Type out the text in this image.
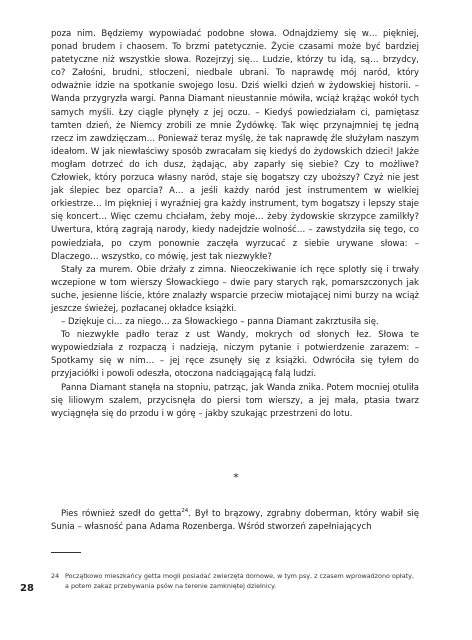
poza nim. Będziemy wypowiadać podobne słowa. Odnajdziemy się w… piękniej, ponad brudem i chaosem. To brzmi patetycznie. Życie czasami może być bardziej patetyczne niż wszystkie słowa. Rozejrzyj się… Ludzie, którzy tu idą, są… brzydcy, co? Załośni, brudni, stłoczeni, niedbale ubrani. To naprawdę mój naród, który odważnie idzie na spotkanie swojego losu. Dziś wielki dzień w żydowskiej historii. – Wanda przygryzła wargi. Panna Diamant nieustannie mówiła, wciąż krążąc wokół tych samych myśli. Łzy ciągle płynęły z jej oczu. – Kiedyś powiedziałam ci, pamiętasz tamten dzień, że Niemcy zrobili ze mnie Żydówkę. Tak więc przynajmniej tę jedną rzecz im zawdzięczam… Ponieważ teraz myślę, że tak naprawdę źle służyłam naszym ideałom. W jak niewłaściwy sposób zwracałam się kiedyś do żydowskich dzieci! Jakże mogłam dotrzeć do ich dusz, żądając, aby zaparły się siebie? Czy to możliwe? Człowiek, który porzuca własny naród, staje się bogatszy czy uboższy? Czyż nie jest jak ślepiec bez oparcia? A… a jeśli każdy naród jest instrumentem w wielkiej orkiestrze… Im piękniej i wyraźniej gra każdy instrument, tym bogatszy i lepszy staje się koncert… Więc czemu chciałam, żeby moje… żeby żydowskie skrzypce zamilkły? Uwertura, którą zagrają narody, kiedy nadejdzie wolność… – zawstydziła się tego, co powiedziała, po czym ponownie zaczęła wyrzucać z siebie urywane słowa: – Dlaczego… wszystko, co mówię, jest tak niezwykłe?

Stały za murem. Obie drżały z zimna. Nieoczekiwanie ich ręce splotły się i trwały wczepione w tom wierszy Słowackiego – dwie pary starych rąk, pomarszczonych jak suche, jesienne liście, które znalazły wsparcie przeciw miotającej nimi burzy na wciąż jeszcze świeżej, pozłacanej okładce książki.

– Dziękuje ci… za niego… za Słowackiego – panna Diamant zakrztusiła się.

To niezwykłe padło teraz z ust Wandy, mokrych od słonych łez. Słowa te wypowiedziała z rozpaczą i nadzieją, niczym pytanie i potwierdzenie zarazem: – Spotkamy się w nim… – jej ręce zsunęły się z książki. Odwróciła się tyłem do przyjaciółki i powoli odeszła, otoczona nadciągającą falą ludzi.

Panna Diamant stanęła na stopniu, patrząc, jak Wanda znika. Potem mocniej otuliła się liliowym szalem, przycisnęła do piersi tom wierszy, a jej mała, ptasia twarz wyciągnęła się do przodu i w górę – jakby szukając przestrzeni do lotu.

*

Pies również szedł do getta$^{24}$. Był to brązowy, zgrabny doberman, który wabił się Sunia – własność pana Adama Rozenberga. Wśród stworzeń zapełniających

24 Początkowo mieszkańcy getta mogli posiadać zwierzęta domowe, w tym psy, z czasem wprowadzono opłaty, a potem zakaz przebywania psów na terenie zamkniętej dzielnicy.
28
